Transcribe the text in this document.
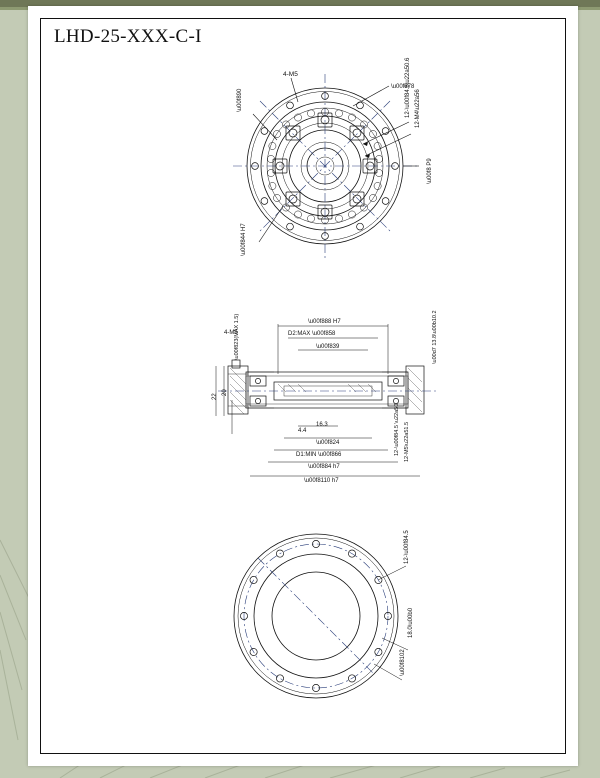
LHD-25-XXX-C-I
4-M5	12-\u00f84.5\u22a50.6 12-M4\u22a56
\u00f878
\u00f890
\u00f844 H7
\u00f8 P9
\u00f888 H7
D2:MAX \u00f858
\u00f839
4-M5
\u00f823(MAX 1.5)
20
22
4.4
16.3
\u00f824
D1:MIN \u00f866
\u00f884 h7
\u00f8110 h7
12-\u00f84.5 \u22a50 12-M5\u22a51.5
\u00d7 13.8\u00b10.2
12-\u00f84.5
18.0\u00b0
\u00f8102
